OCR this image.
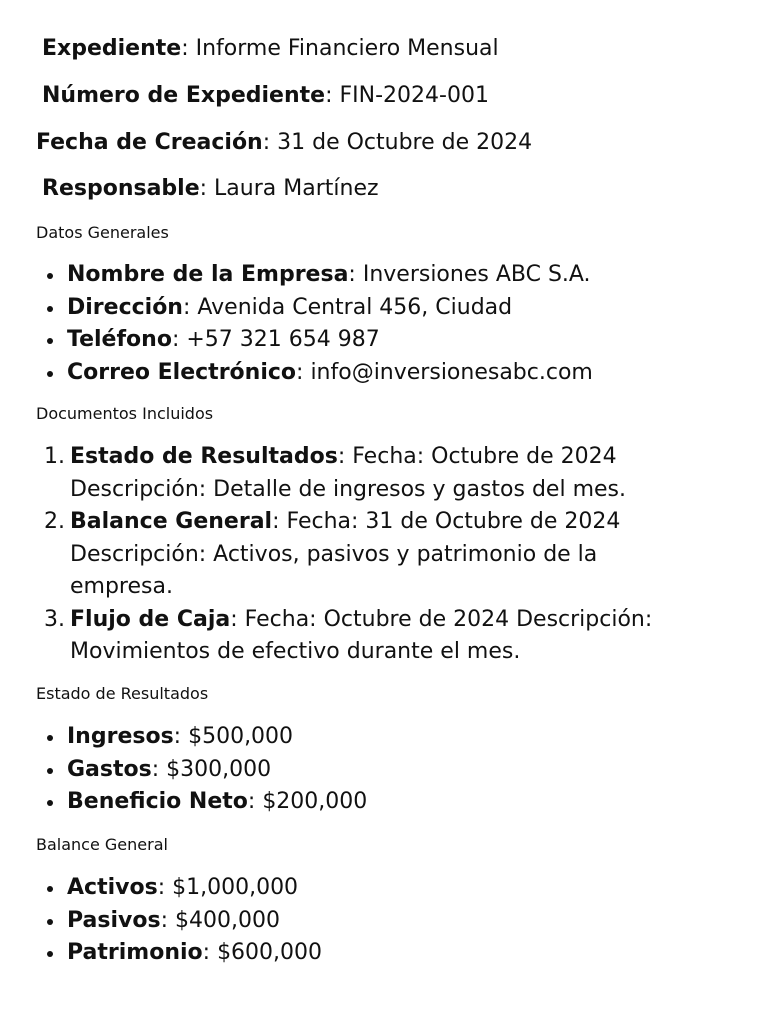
Expediente: Informe Financiero Mensual
Número de Expediente: FIN-2024-001
Fecha de Creación: 31 de Octubre de 2024
Responsable: Laura Martínez
Datos Generales
Nombre de la Empresa: Inversiones ABC S.A.
Dirección: Avenida Central 456, Ciudad
Teléfono: +57 321 654 987
Correo Electrónico: info@inversionesabc.com
Documentos Incluidos
1. Estado de Resultados: Fecha: Octubre de 2024 Descripción: Detalle de ingresos y gastos del mes.
2. Balance General: Fecha: 31 de Octubre de 2024 Descripción: Activos, pasivos y patrimonio de la empresa.
3. Flujo de Caja: Fecha: Octubre de 2024 Descripción: Movimientos de efectivo durante el mes.
Estado de Resultados
Ingresos: $500,000
Gastos: $300,000
Beneficio Neto: $200,000
Balance General
Activos: $1,000,000
Pasivos: $400,000
Patrimonio: $600,000
